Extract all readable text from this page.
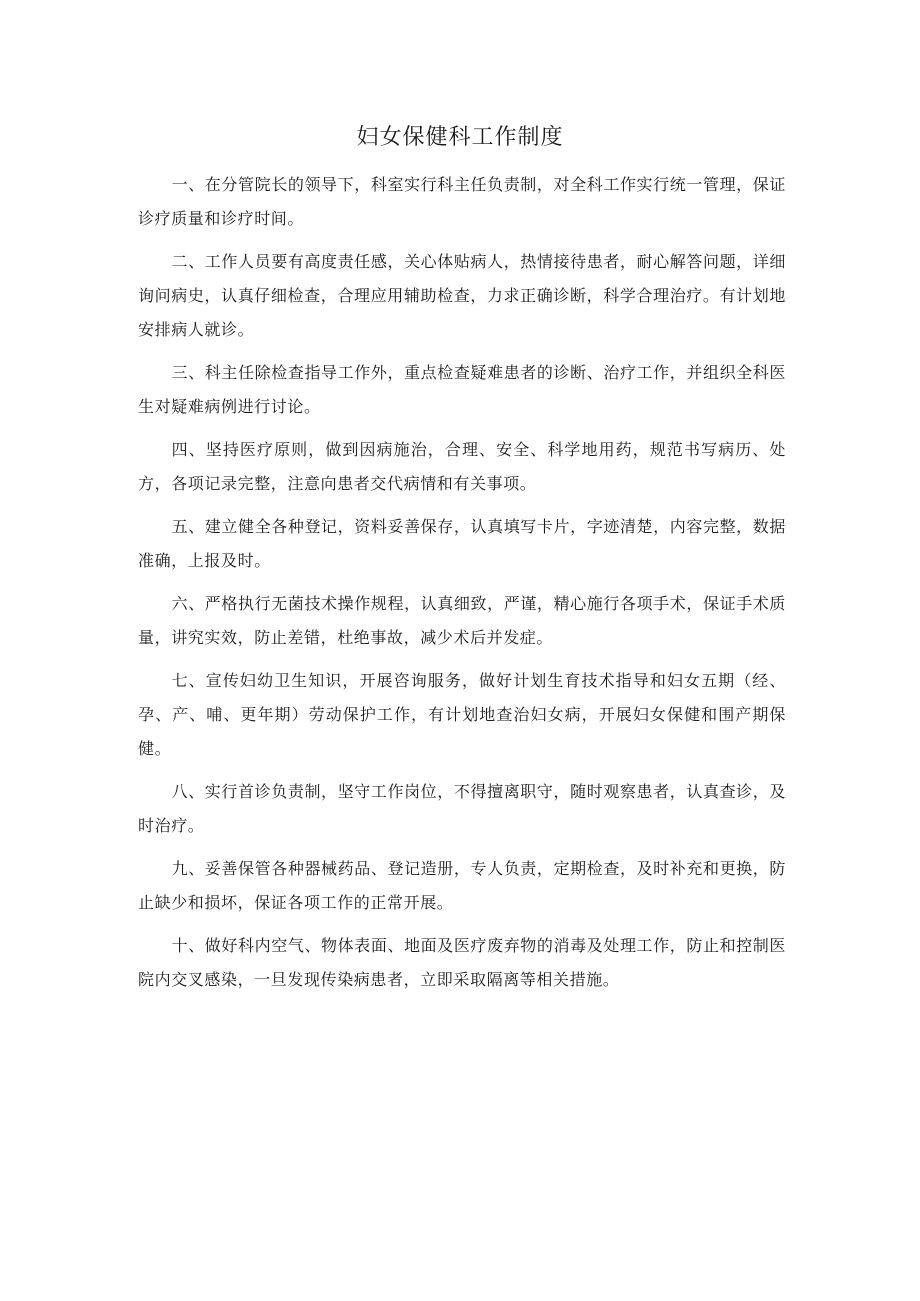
妇女保健科工作制度

一、在分管院长的领导下，科室实行科主任负责制，对全科工作实行统一管理，保证诊疗质量和诊疗时间。

二、工作人员要有高度责任感，关心体贴病人，热情接待患者，耐心解答问题，详细询问病史，认真仔细检查，合理应用辅助检查，力求正确诊断，科学合理治疗。有计划地安排病人就诊。

三、科主任除检查指导工作外，重点检查疑难患者的诊断、治疗工作，并组织全科医生对疑难病例进行讨论。

四、坚持医疗原则，做到因病施治，合理、安全、科学地用药，规范书写病历、处方，各项记录完整，注意向患者交代病情和有关事项。

五、建立健全各种登记，资料妥善保存，认真填写卡片，字迹清楚，内容完整，数据准确，上报及时。

六、严格执行无菌技术操作规程，认真细致，严谨，精心施行各项手术，保证手术质量，讲究实效，防止差错，杜绝事故，减少术后并发症。

七、宣传妇幼卫生知识，开展咨询服务，做好计划生育技术指导和妇女五期（经、孕、产、哺、更年期）劳动保护工作，有计划地查治妇女病，开展妇女保健和围产期保健。

八、实行首诊负责制，坚守工作岗位，不得擅离职守，随时观察患者，认真查诊，及时治疗。

九、妥善保管各种器械药品、登记造册，专人负责，定期检查，及时补充和更换，防止缺少和损坏，保证各项工作的正常开展。

十、做好科内空气、物体表面、地面及医疗废弃物的消毒及处理工作，防止和控制医院内交叉感染，一旦发现传染病患者，立即采取隔离等相关措施。
